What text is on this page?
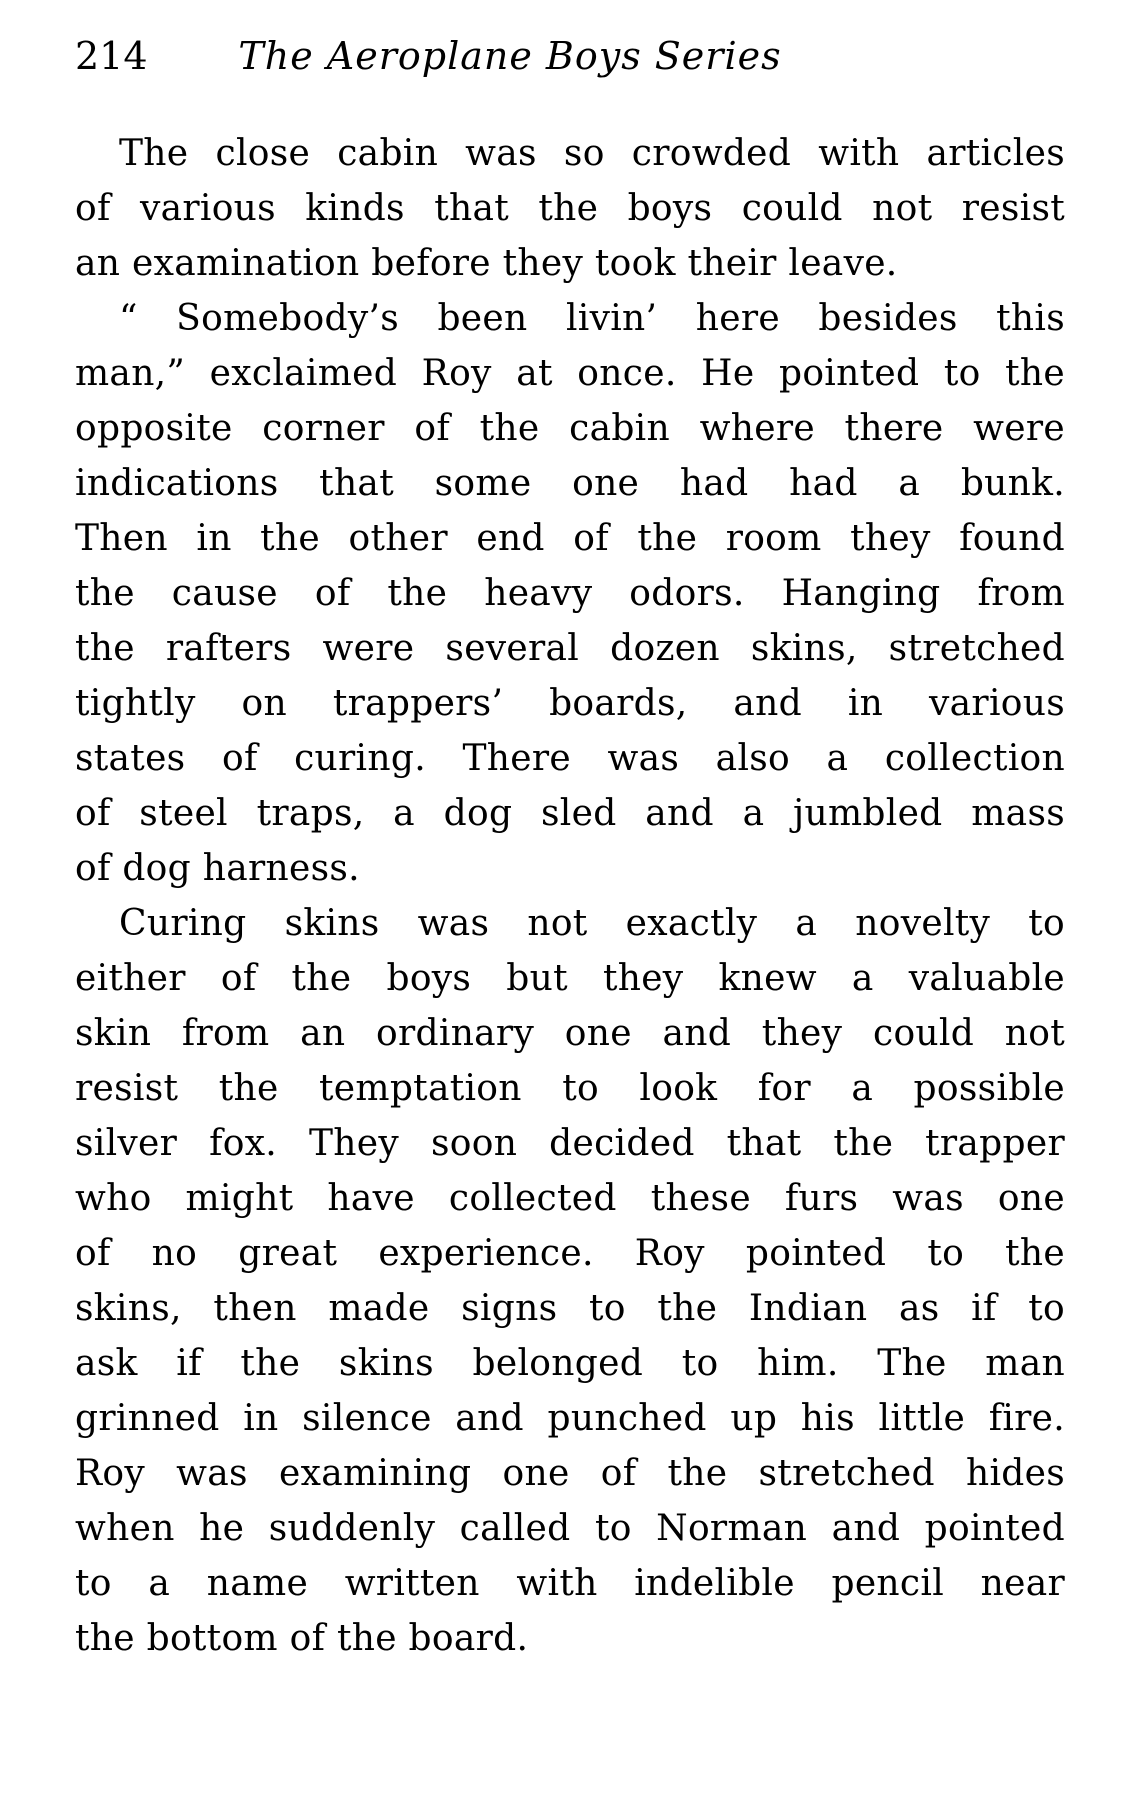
214	The Aeroplane Boys Series
The close cabin was so crowded with articles
of various kinds that the boys could not resist
an examination before they took their leave.
“ Somebody’s been livin’ here besides this
man,” exclaimed Roy at once. He pointed to the
opposite corner of the cabin where there were
indications that some one had had a bunk.
Then in the other end of the room they found
the cause of the heavy odors. Hanging from
the rafters were several dozen skins, stretched
tightly on trappers’ boards, and in various
states of curing. There was also a collection
of steel traps, a dog sled and a jumbled mass
of dog harness.
Curing skins was not exactly a novelty to
either of the boys but they knew a valuable
skin from an ordinary one and they could not
resist the temptation to look for a possible
silver fox. They soon decided that the trapper
who might have collected these furs was one
of no great experience. Roy pointed to the
skins, then made signs to the Indian as if to
ask if the skins belonged to him. The man
grinned in silence and punched up his little fire.
Roy was examining one of the stretched hides
when he suddenly called to Norman and pointed
to a name written with indelible pencil near
the bottom of the board.
